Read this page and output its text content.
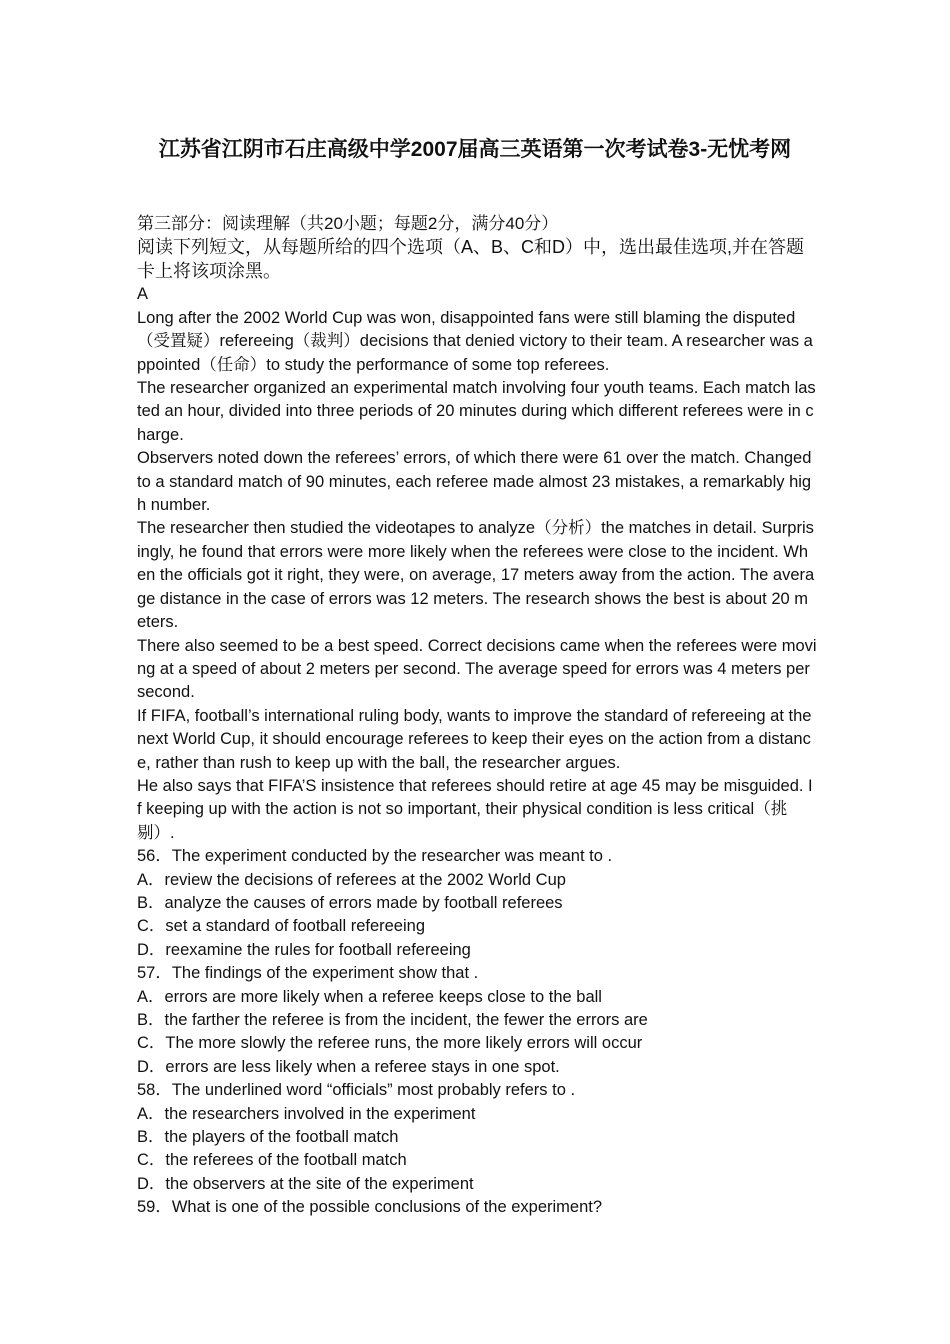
江苏省江阴市石庄高级中学2007届高三英语第一次考试卷3-无忧考网

第三部分：阅读理解（共20小题；每题2分，满分40分）

阅读下列短文，从每题所给的四个选项（A、B、C和D）中，选出最佳选项,并在答题卡上将该项涂黑。

A

Long after the 2002 World Cup was won, disappointed fans were still blaming the disputed（受置疑）refereeing（裁判）decisions that denied victory to their team. A researcher was appointed（任命）to study the performance of some top referees.

The researcher organized an experimental match involving four youth teams. Each match lasted an hour, divided into three periods of 20 minutes during which different referees were in charge.

Observers noted down the referees’ errors, of which there were 61 over the match. Changed to a standard match of 90 minutes, each referee made almost 23 mistakes, a remarkably high number.

The researcher then studied the videotapes to analyze（分析）the matches in detail. Surprisingly, he found that errors were more likely when the referees were close to the incident. When the officials got it right, they were, on average, 17 meters away from the action. The average distance in the case of errors was 12 meters. The research shows the best is about 20 meters.

There also seemed to be a best speed. Correct decisions came when the referees were moving at a speed of about 2 meters per second. The average speed for errors was 4 meters per second.

If FIFA, football’s international ruling body, wants to improve the standard of refereeing at the next World Cup, it should encourage referees to keep their eyes on the action from a distance, rather than rush to keep up with the ball, the researcher argues.

He also says that FIFA’S insistence that referees should retire at age 45 may be misguided. If keeping up with the action is not so important, their physical condition is less critical（挑剔）.

56．The experiment conducted by the researcher was meant to .

A．review the decisions of referees at the 2002 World Cup

B．analyze the causes of errors made by football referees

C．set a standard of football refereeing

D．reexamine the rules for football refereeing

57．The findings of the experiment show that .

A．errors are more likely when a referee keeps close to the ball

B．the farther the referee is from the incident, the fewer the errors are

C．The more slowly the referee runs, the more likely errors will occur

D．errors are less likely when a referee stays in one spot.

58．The underlined word “officials” most probably refers to .

A．the researchers involved in the experiment

B．the players of the football match

C．the referees of the football match

D．the observers at the site of the experiment

59．What is one of the possible conclusions of the experiment?
